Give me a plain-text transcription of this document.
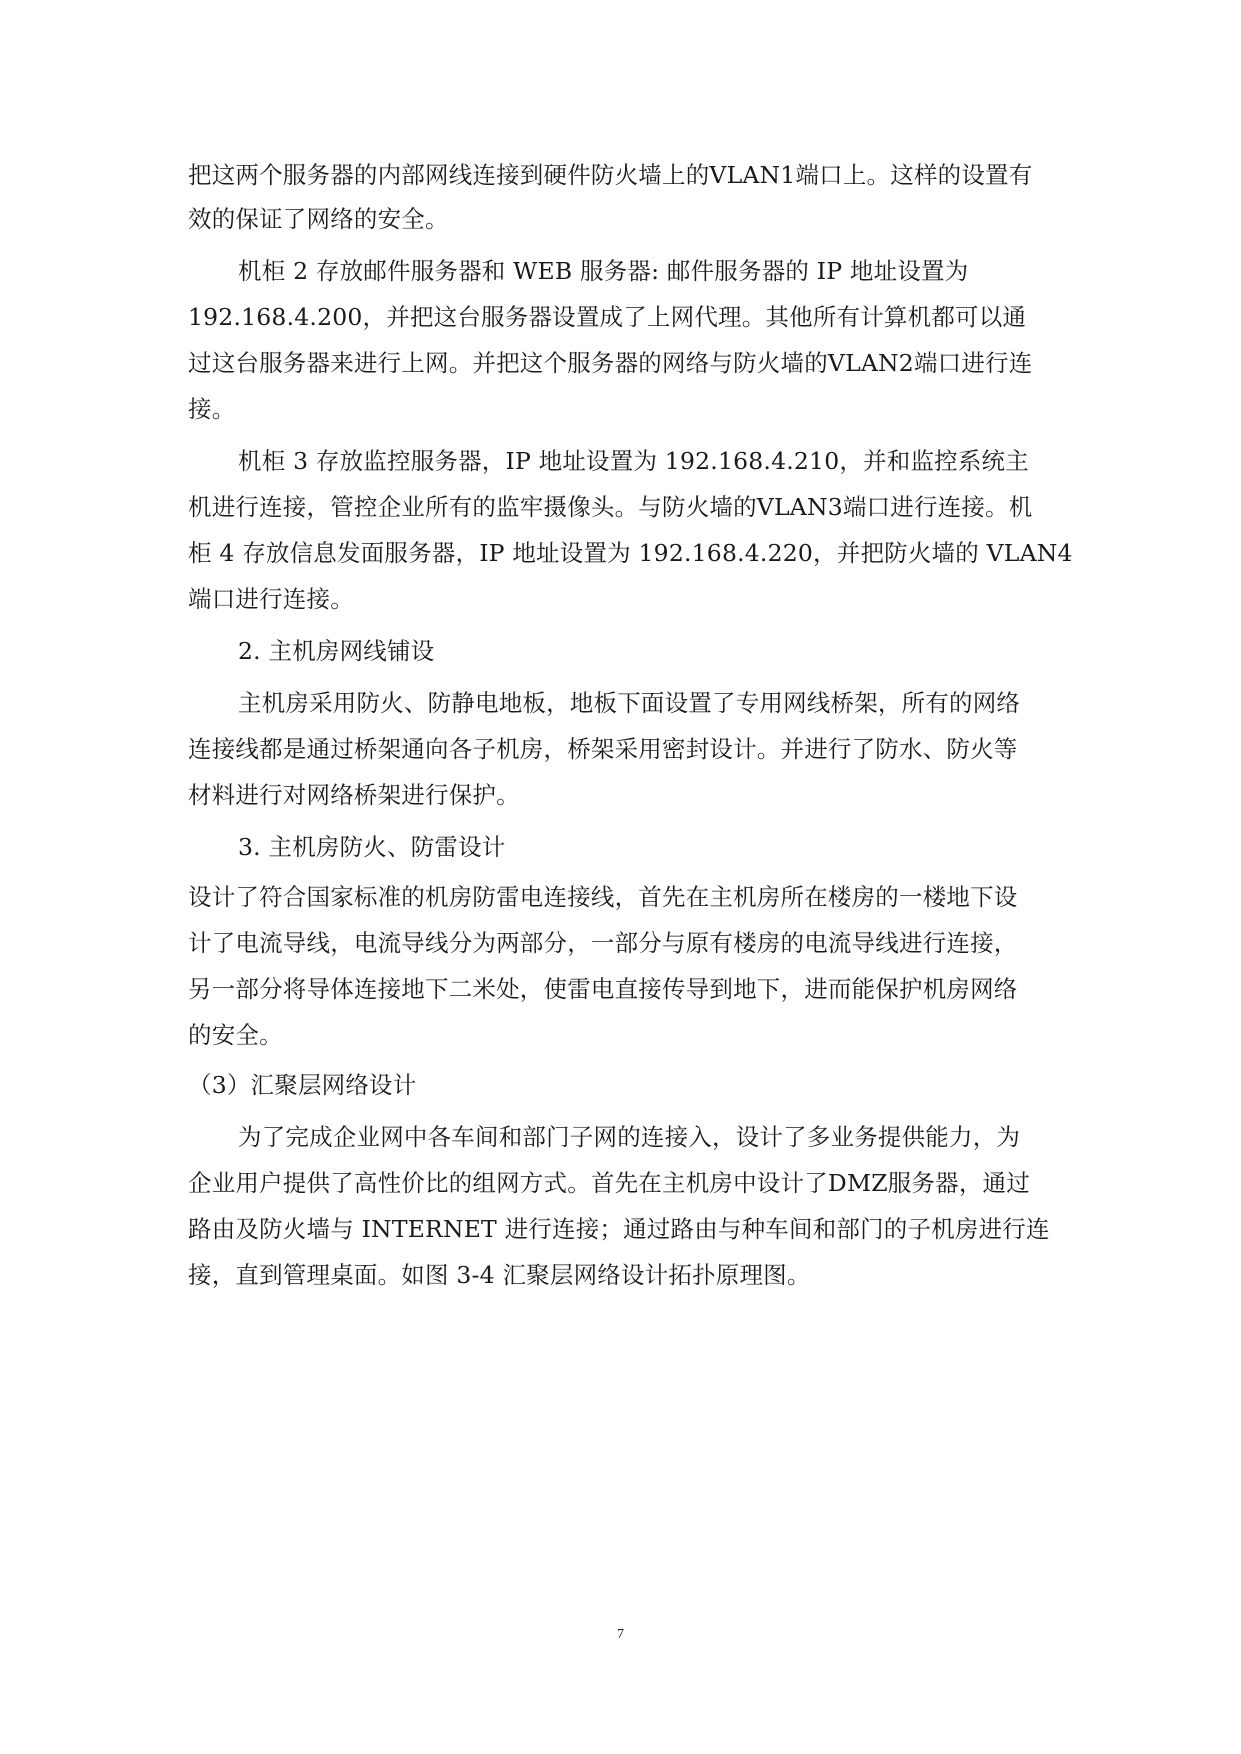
把这两个服务器的内部网线连接到硬件防火墙上的VLAN1端口上。这样的设置有
效的保证了网络的安全。
机柜 2 存放邮件服务器和 WEB 服务器: 邮件服务器的 IP 地址设置为
192.168.4.200，并把这台服务器设置成了上网代理。其他所有计算机都可以通
过这台服务器来进行上网。并把这个服务器的网络与防火墙的VLAN2端口进行连
接。
机柜 3 存放监控服务器，IP 地址设置为 192.168.4.210，并和监控系统主
机进行连接，管控企业所有的监牢摄像头。与防火墙的VLAN3端口进行连接。机
柜 4 存放信息发面服务器，IP 地址设置为 192.168.4.220，并把防火墙的 VLAN4
端口进行连接。
2. 主机房网线铺设
主机房采用防火、防静电地板，地板下面设置了专用网线桥架，所有的网络
连接线都是通过桥架通向各子机房，桥架采用密封设计。并进行了防水、防火等
材料进行对网络桥架进行保护。
3. 主机房防火、防雷设计
设计了符合国家标准的机房防雷电连接线，首先在主机房所在楼房的一楼地下设
计了电流导线，电流导线分为两部分，一部分与原有楼房的电流导线进行连接，
另一部分将导体连接地下二米处，使雷电直接传导到地下，进而能保护机房网络
的安全。
（3）汇聚层网络设计
为了完成企业网中各车间和部门子网的连接入，设计了多业务提供能力，为
企业用户提供了高性价比的组网方式。首先在主机房中设计了DMZ服务器，通过
路由及防火墙与 INTERNET 进行连接；通过路由与种车间和部门的子机房进行连
接，直到管理桌面。如图 3-4 汇聚层网络设计拓扑原理图。
7
